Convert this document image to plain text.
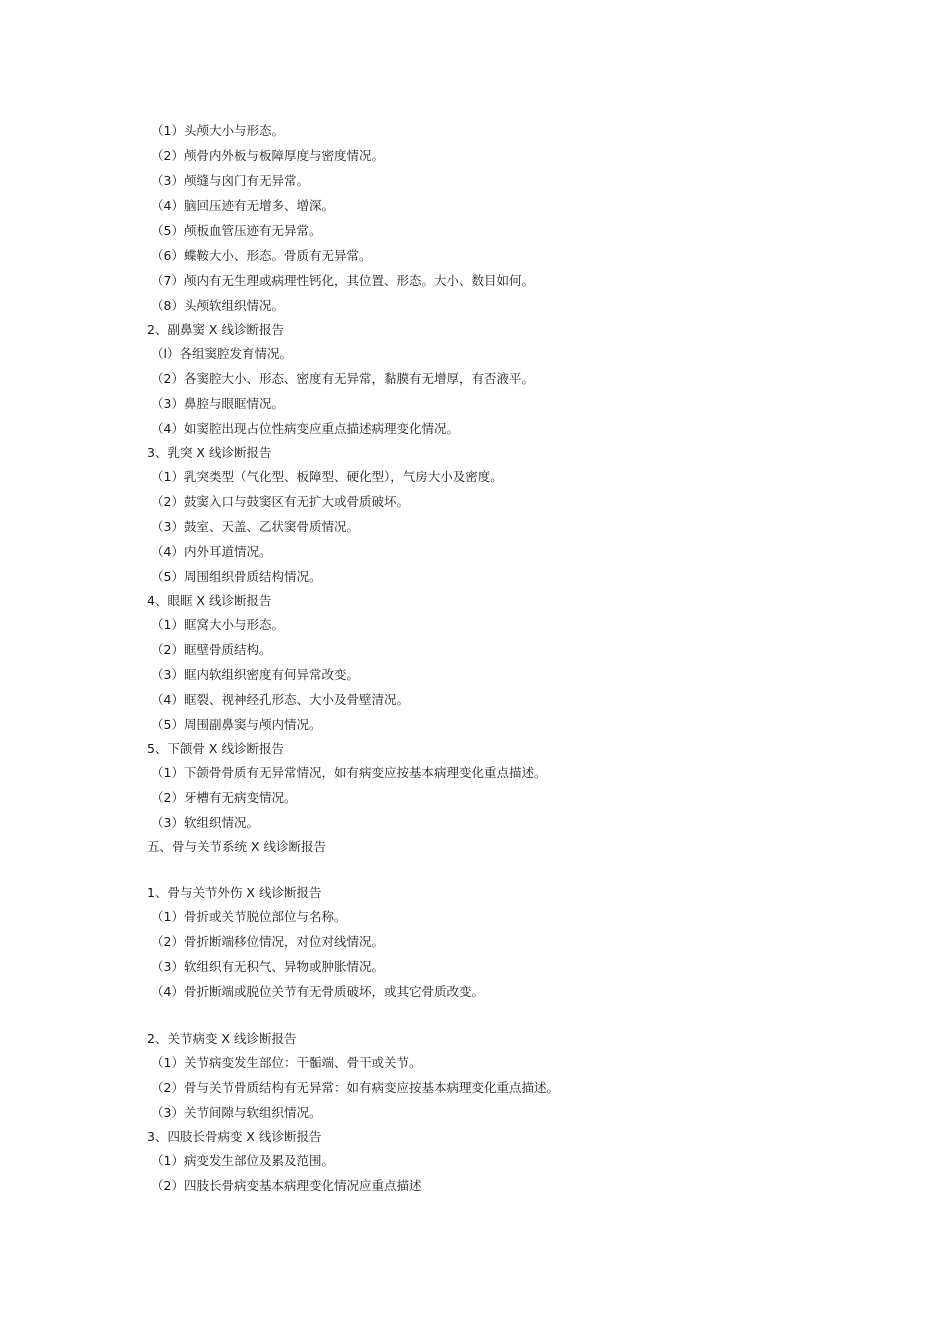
（1）头颅大小与形态。
（2）颅骨内外板与板障厚度与密度情况。
（3）颅缝与囟门有无异常。
（4）脑回压迹有无增多、增深。
（5）颅板血管压迹有无异常。
（6）蝶鞍大小、形态。骨质有无异常。
（7）颅内有无生理或病理性钙化，其位置、形态。大小、数目如何。
（8）头颅软组织情况。
2、副鼻窦 X 线诊断报告
（l）各组窦腔发育情况。
（2）各窦腔大小、形态、密度有无异常，黏膜有无增厚，有否液平。
（3）鼻腔与眼眶情况。
（4）如窦腔出现占位性病变应重点描述病理变化情况。
3、乳突 X 线诊断报告
（1）乳突类型（气化型、板障型、硬化型），气房大小及密度。
（2）鼓窦入口与鼓窦区有无扩大或骨质破坏。
（3）鼓室、天盖、乙状窦骨质情况。
（4）内外耳道情况。
（5）周围组织骨质结构情况。
4、眼眶 X 线诊断报告
（1）眶窝大小与形态。
（2）眶壁骨质结构。
（3）眶内软组织密度有何异常改变。
（4）眶裂、视神经孔形态、大小及骨壁清况。
（5）周围副鼻窦与颅内情况。
5、下颌骨 X 线诊断报告
（1）下颌骨骨质有无异常情况，如有病变应按基本病理变化重点描述。
（2）牙槽有无病变情况。
（3）软组织情况。
五、骨与关节系统 X 线诊断报告
1、骨与关节外伤 X 线诊断报告
（1）骨折或关节脱位部位与名称。
（2）骨折断端移位情况，对位对线情况。
（3）软组织有无积气、异物或肿胀情况。
（4）骨折断端或脱位关节有无骨质破坏，或其它骨质改变。
2、关节病变 X 线诊断报告
（1）关节病变发生部位：干骺端、骨干或关节。
（2）骨与关节骨质结构有无异常：如有病变应按基本病理变化重点描述。
（3）关节间隙与软组织情况。
3、四肢长骨病变 X 线诊断报告
（1）病变发生部位及累及范围。
（2）四肢长骨病变基本病理变化情况应重点描述
